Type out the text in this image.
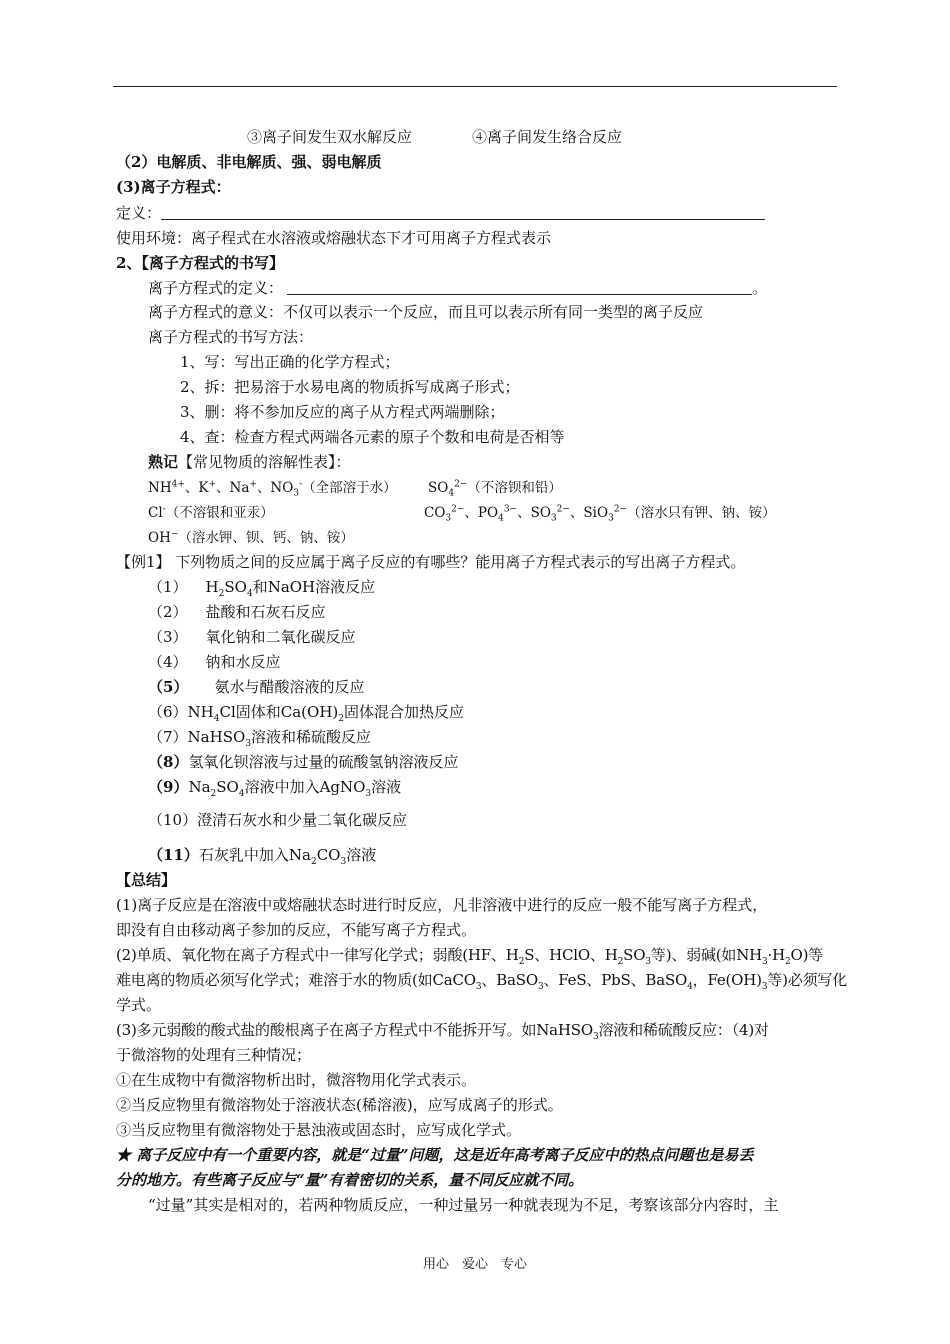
③离子间发生双水解反应	④离子间发生络合反应
（2）电解质、非电解质、强、弱电解质
(3)离子方程式：
定义：
使用环境：离子程式在水溶液或熔融状态下才可用离子方程式表示
2、【离子方程式的书写】
离子方程式的定义：	。
离子方程式的意义：不仅可以表示一个反应，而且可以表示所有同一类型的离子反应
离子方程式的书写方法：
1、写：写出正确的化学方程式；
2、拆：把易溶于水易电离的物质拆写成离子形式；
3、删：将不参加反应的离子从方程式两端删除；
4、查：检查方程式两端各元素的原子个数和电荷是否相等
熟记【常见物质的溶解性表】：
$NH^{4+}$、K+、Na+、$NO_3^-$（全部溶于水） $SO_4^{2-}$（不溶钡和铅）
Cl-（不溶银和亚汞）	$CO_3^{2-}$、$PO_4^{3-}$、$SO_3^{2-}$、SiO$_3^{2-}$（溶水只有钾、钠、铵）
OH−（溶水钾、钡、钙、钠、铵）
【例1】 下列物质之间的反应属于离子反应的有哪些？能用离子方程式表示的写出离子方程式。
（1） $H_2SO_4$和NaOH溶液反应
（2） 盐酸和石灰石反应
（3） 氧化钠和二氧化碳反应
（4） 钠和水反应
（5） 氨水与醋酸溶液的反应
$(6)NH_4Cl$固体和$Ca(OH)_2$固体混合加热反应
（7）NaHSO$_3$溶液和稀硫酸反应
（8）氢氧化钡溶液与过量的硫酸氢钠溶液反应
$(9)Na_2SO_4$溶液中加入AgNO$_3$溶液
（10）澄清石灰水和少量二氧化碳反应
（11）石灰乳中加入$Na_2CO_3$溶液
【总结】
(1)离子反应是在溶液中或熔融状态时进行时反应，凡非溶液中进行的反应一般不能写离子方程式，
即没有自由移动离子参加的反应，不能写离子方程式。
(2)单质、氧化物在离子方程式中一律写化学式；弱酸(HF、$H_2S$、HClO、$H_2SO_3$等)、弱碱(如$NH_3\cdot H_2O$)等
难电离的物质必须写化学式；难溶于水的物质(如CaCO$_3$、BaSO$_3$、FeS、PbS、BaSO$_4$，$Fe(OH)_3$等)必须写化
学式。
(3)多元弱酸的酸式盐的酸根离子在离子方程式中不能拆开写。如NaHSO$_3$溶液和稀硫酸反应：（4)对
于微溶物的处理有三种情况；
①在生成物中有微溶物析出时，微溶物用化学式表示。
②当反应物里有微溶物处于溶液状态(稀溶液)，应写成离子的形式。
③当反应物里有微溶物处于悬浊液或固态时，应写成化学式。
★ 离子反应中有一个重要内容，就是“过量”问题，这是近年高考离子反应中的热点问题也是易丢
分的地方。有些离子反应与“量”有着密切的关系，量不同反应就不同。
“过量”其实是相对的，若两种物质反应，一种过量另一种就表现为不足，考察该部分内容时，主
用心　爱心　专心
